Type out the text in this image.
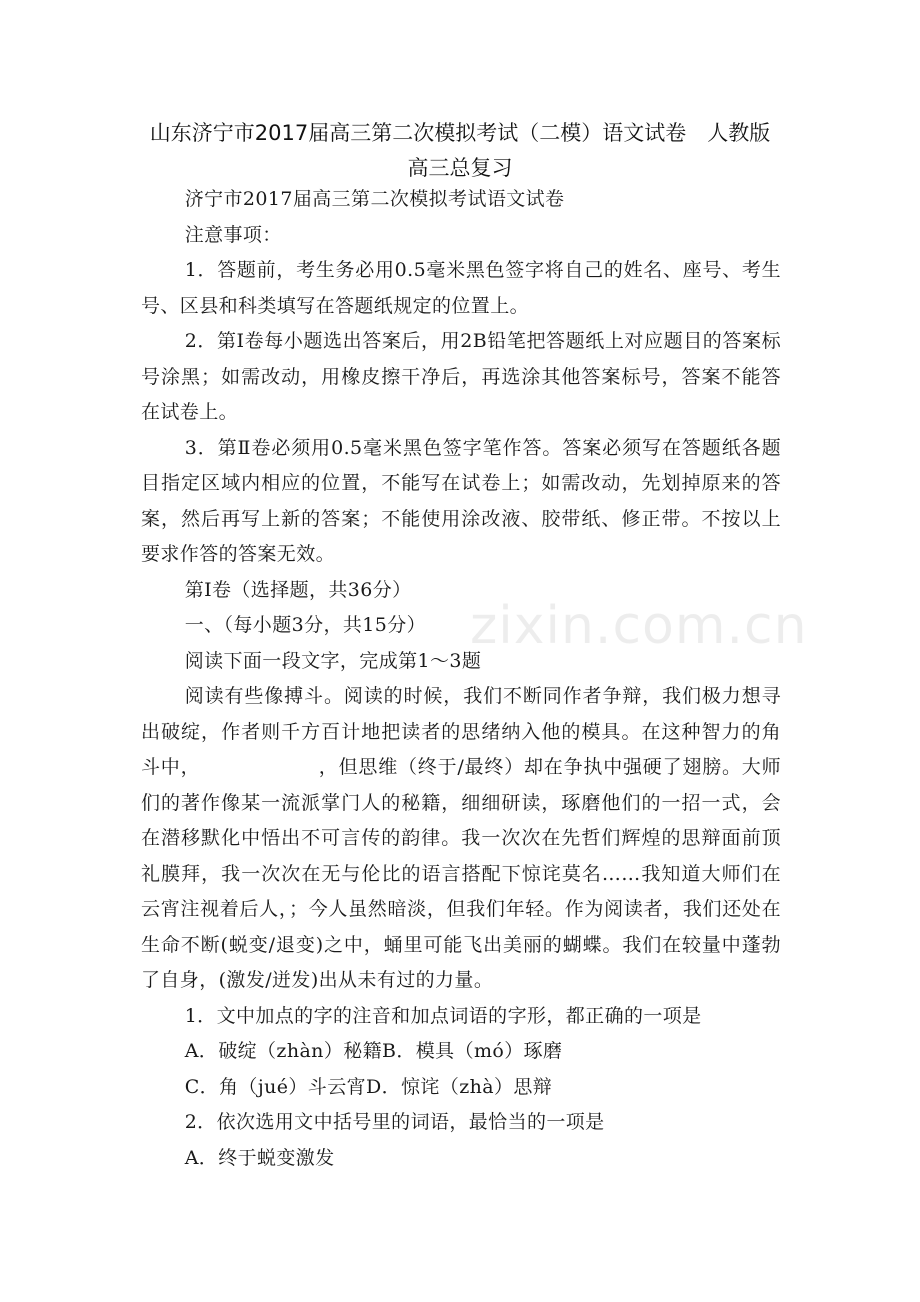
山东济宁市2017届高三第二次模拟考试（二模）语文试卷　人教版高三总复习

济宁市2017届高三第二次模拟考试语文试卷

注意事项：

1．答题前，考生务必用0.5毫米黑色签字将自己的姓名、座号、考生号、区县和科类填写在答题纸规定的位置上。

2．第Ⅰ卷每小题选出答案后，用2B铅笔把答题纸上对应题目的答案标号涂黑；如需改动，用橡皮擦干净后，再选涂其他答案标号，答案不能答在试卷上。

3．第Ⅱ卷必须用0.5毫米黑色签字笔作答。答案必须写在答题纸各题目指定区域内相应的位置，不能写在试卷上；如需改动，先划掉原来的答案，然后再写上新的答案；不能使用涂改液、胶带纸、修正带。不按以上要求作答的答案无效。

第Ⅰ卷（选择题，共36分）

一、（每小题3分，共15分）

阅读下面一段文字，完成第1～3题

阅读有些像搏斗。阅读的时候，我们不断同作者争辩，我们极力想寻出破绽，作者则千方百计地把读者的思绪纳入他的模具。在这种智力的角斗中，	，但思维（终于/最终）却在争执中强硬了翅膀。大师们的著作像某一流派掌门人的秘籍，细细研读，琢磨他们的一招一式，会在潜移默化中悟出不可言传的韵律。我一次次在先哲们辉煌的思辩面前顶礼膜拜，我一次次在无与伦比的语言搭配下惊诧莫名……我知道大师们在云宵注视着后人，；今人虽然暗淡，但我们年轻。作为阅读者，我们还处在生命不断(蜕变/退变)之中，蛹里可能飞出美丽的蝴蝶。我们在较量中蓬勃了自身，(激发/迸发)出从未有过的力量。

1．文中加点的字的注音和加点词语的字形，都正确的一项是

A．破绽（zhàn）秘籍B．模具（mó）琢磨

C．角（jué）斗云宵D．惊诧（zhà）思辩

2．依次选用文中括号里的词语，最恰当的一项是

A．终于蜕变激发

zixin.com.cn
